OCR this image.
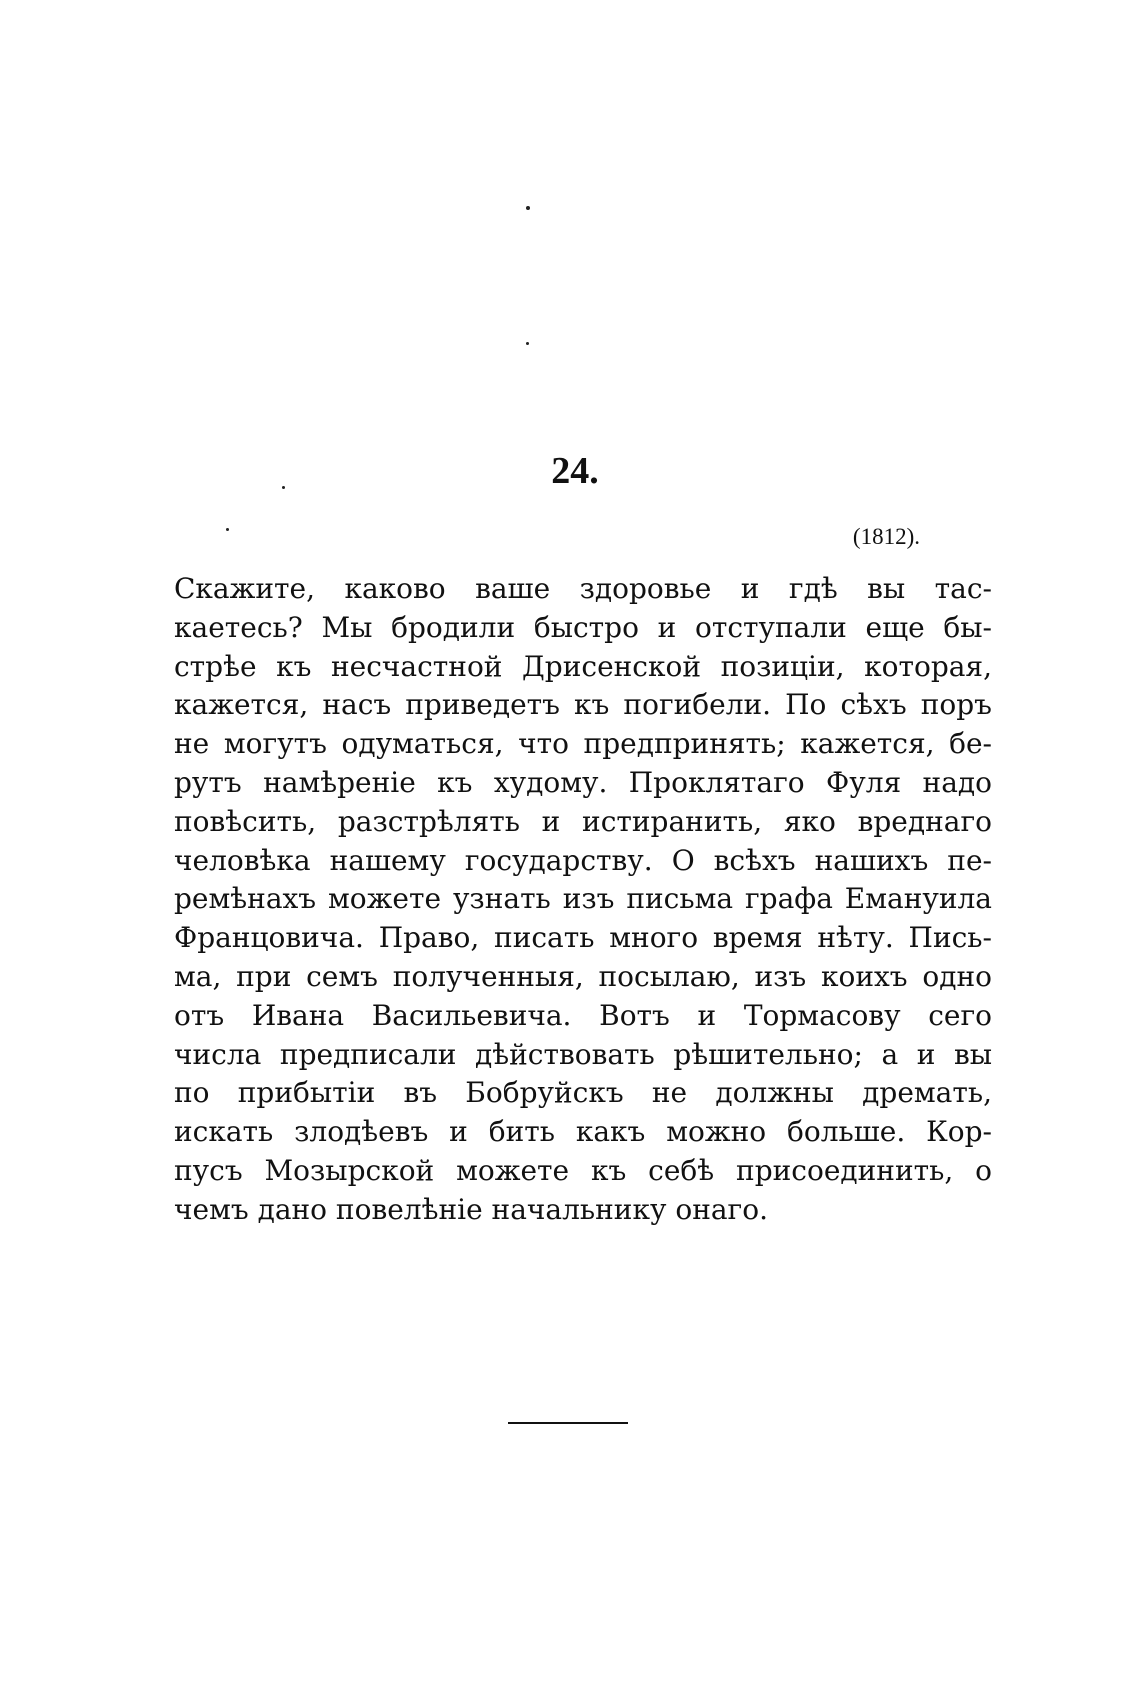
24.

(1812).

Скажите, каково ваше здоровье и гдѣ вы тас-
каетесь? Мы бродили быстро и отступали еще бы-
стрѣе къ несчастной Дрисенской позиціи, которая,
кажется, насъ приведетъ къ погибели. По сѣхъ поръ
не могутъ одуматься, что предпринять; кажется, бе-
рутъ намѣреніе къ худому. Проклятаго Фуля надо
повѣсить, разстрѣлять и истиранить, яко вреднаго
человѣка нашему государству. О всѣхъ нашихъ пе-
ремѣнахъ можете узнать изъ письма графа Емануила
Францовича. Право, писать много время нѣту. Пись-
ма, при семъ полученныя, посылаю, изъ коихъ одно
отъ Ивана Васильевича. Вотъ и Тормасову сего
числа предписали дѣйствовать рѣшительно; а и вы
по прибытіи въ Бобруйскъ не должны дремать,
искать злодѣевъ и бить какъ можно больше. Кор-
пусъ Мозырской можете къ себѣ присоединить, о
чемъ дано повелѣніе начальнику онаго.
